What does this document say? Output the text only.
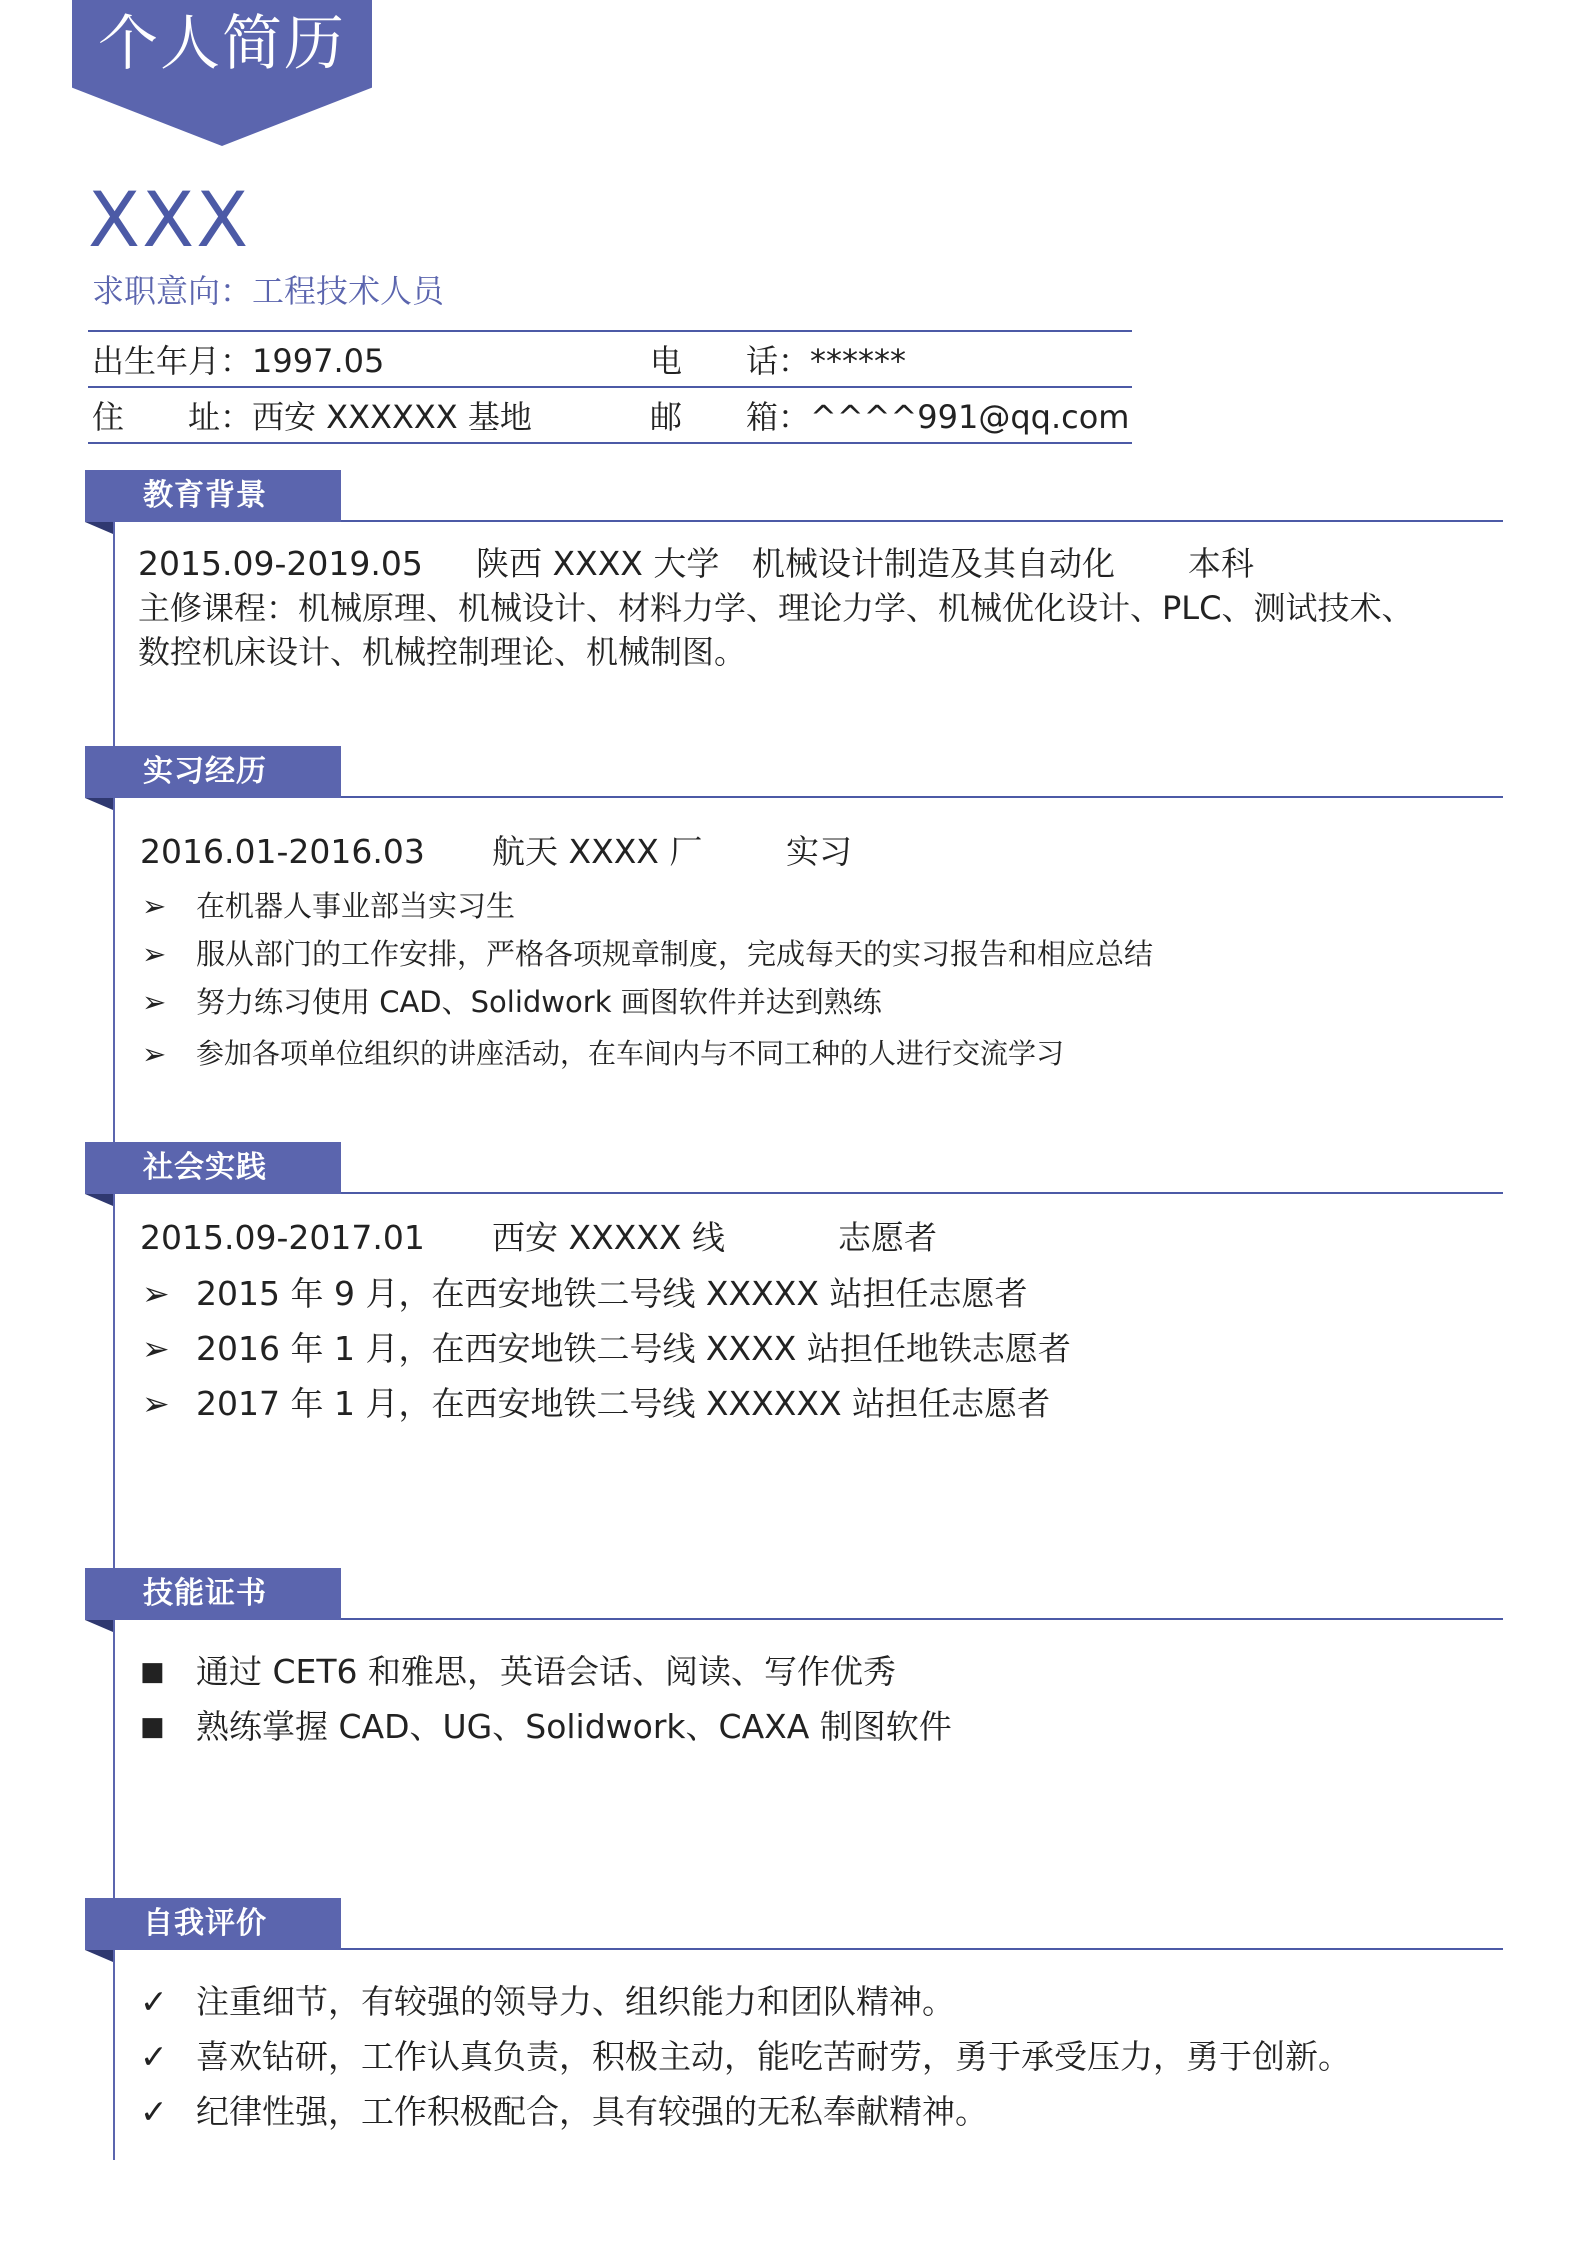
个人简历
XXX
求职意向：工程技术人员
出生年月： 1997.05	电　　话： ******
住　　址： 西安 XXXXXX 基地	邮　　箱： ^^^^991@qq.com
教育背景
2015.09-2019.05 陕西 XXXX 大学 机械设计制造及其自动化 本科
主修课程：机械原理、机械设计、材料力学、理论力学、机械优化设计、PLC、测试技术、
数控机床设计、机械控制理论、机械制图。
实习经历
2016.01-2016.03 航天 XXXX 厂	实习
➢ 在机器人事业部当实习生
➢ 服从部门的工作安排，严格各项规章制度，完成每天的实习报告和相应总结
➢ 努力练习使用 CAD、Solidwork 画图软件并达到熟练
➢ 参加各项单位组织的讲座活动，在车间内与不同工种的人进行交流学习
社会实践
2015.09-2017.01 西安 XXXXX 线	志愿者
➢ 2015 年 9 月，在西安地铁二号线 XXXXX 站担任志愿者
➢ 2016 年 1 月，在西安地铁二号线 XXXX 站担任地铁志愿者
➢ 2017 年 1 月，在西安地铁二号线 XXXXXX 站担任志愿者
技能证书
■ 通过 CET6 和雅思，英语会话、阅读、写作优秀
■ 熟练掌握 CAD、UG、Solidwork、CAXA 制图软件
自我评价
✓ 注重细节，有较强的领导力、组织能力和团队精神。
✓ 喜欢钻研，工作认真负责，积极主动，能吃苦耐劳，勇于承受压力，勇于创新。
✓ 纪律性强，工作积极配合，具有较强的无私奉献精神。
